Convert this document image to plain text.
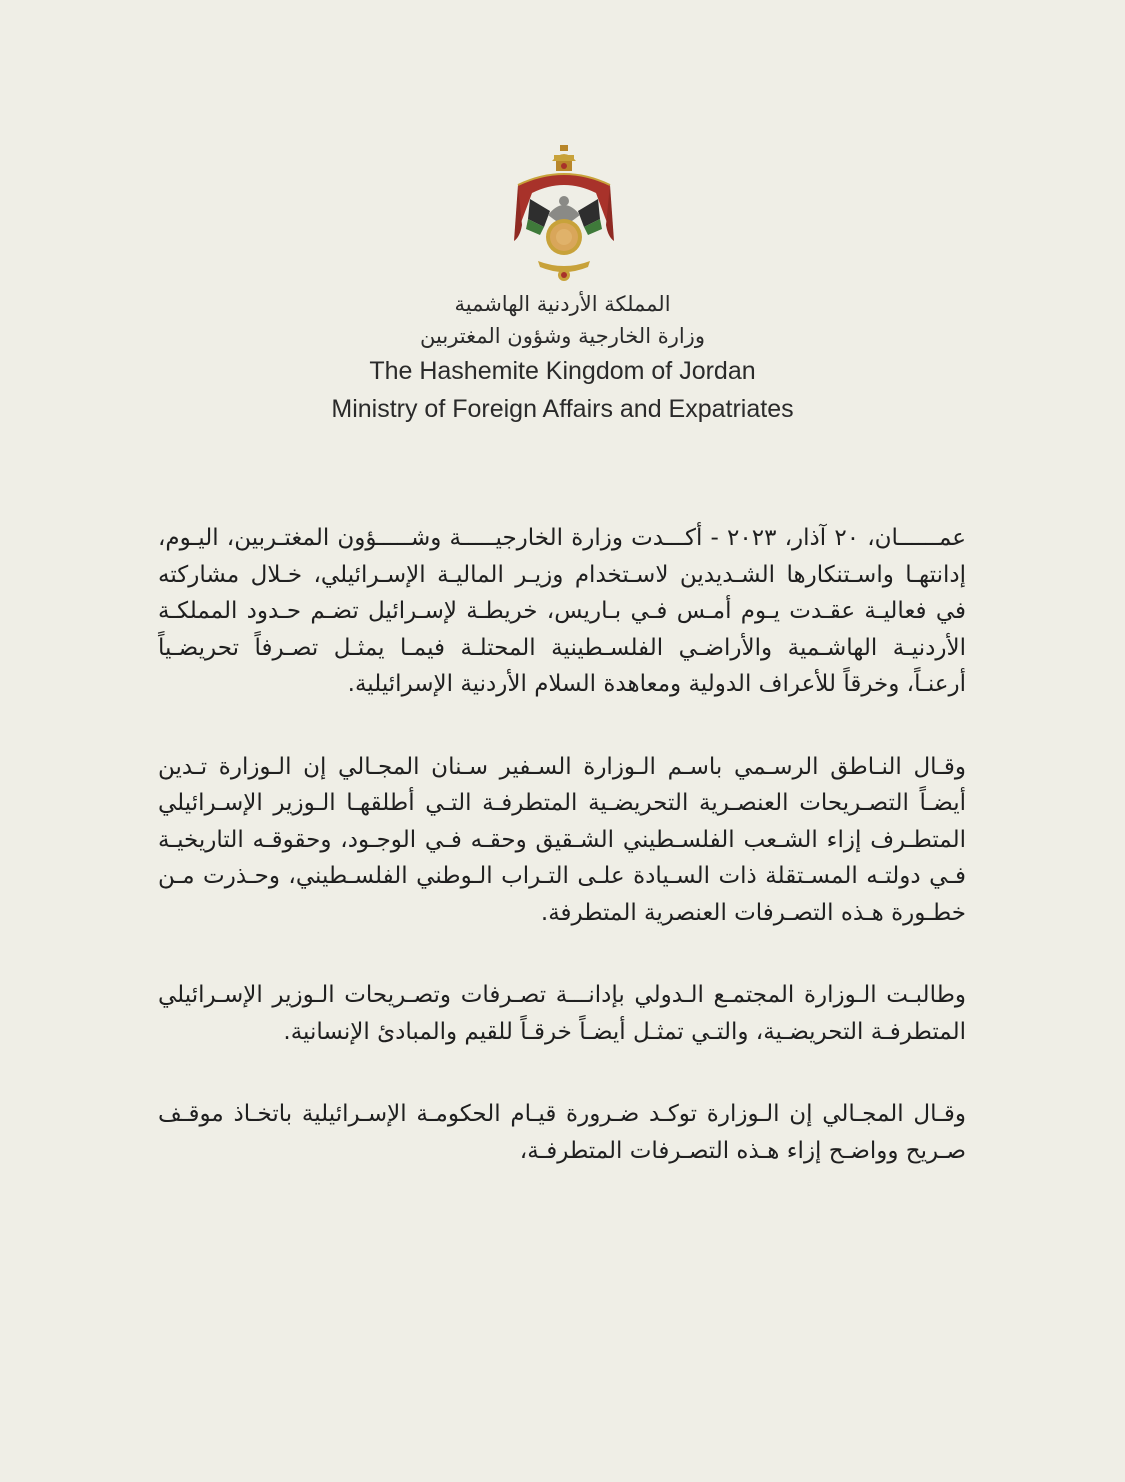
المملكة الأردنية الهاشمية
وزارة الخارجية وشؤون المغتربين
The Hashemite Kingdom of Jordan
Ministry of Foreign Affairs and Expatriates

عمــــــان، ٢٠ آذار، ٢٠٢٣ - أكـــدت وزارة الخارجيـــــة وشـــــؤون المغتـربين، اليـوم، إدانتهـا واسـتنكارها الشـديدين لاسـتخدام وزيـر الماليـة الإسـرائيلي، خـلال مشاركته في فعاليـة عقـدت يـوم أمـس فـي بـاريس، خريطـة لإسـرائيل تضـم حـدود المملكـة الأردنيـة الهاشـمية والأراضـي الفلسـطينية المحتلـة فيمـا يمثـل تصـرفاً تحريضـياً أرعنـاً، وخرقاً للأعراف الدولية ومعاهدة السلام الأردنية الإسرائيلية.

وقـال النـاطق الرسـمي باسـم الـوزارة السـفير سـنان المجـالي إن الـوزارة تـدين أيضـاً التصـريحات العنصـرية التحريضـية المتطرفـة التـي أطلقهـا الـوزير الإسـرائيلي المتطـرف إزاء الشـعب الفلسـطيني الشـقيق وحقـه فـي الوجـود، وحقوقـه التاريخيـة فـي دولتـه المسـتقلة ذات السـيادة علـى التـراب الـوطني الفلسـطيني، وحـذرت مـن خطـورة هـذه التصـرفات العنصرية المتطرفة.

وطالبـت الـوزارة المجتمـع الـدولي بإدانـــة تصـرفات وتصـريحات الـوزير الإسـرائيلي المتطرفـة التحريضـية، والتـي تمثـل أيضـاً خرقـاً للقيم والمبادئ الإنسانية.

وقـال المجـالي إن الـوزارة توكـد ضـرورة قيـام الحكومـة الإسـرائيلية باتخـاذ موقـف صـريح وواضـح إزاء هـذه التصـرفات المتطرفـة،
